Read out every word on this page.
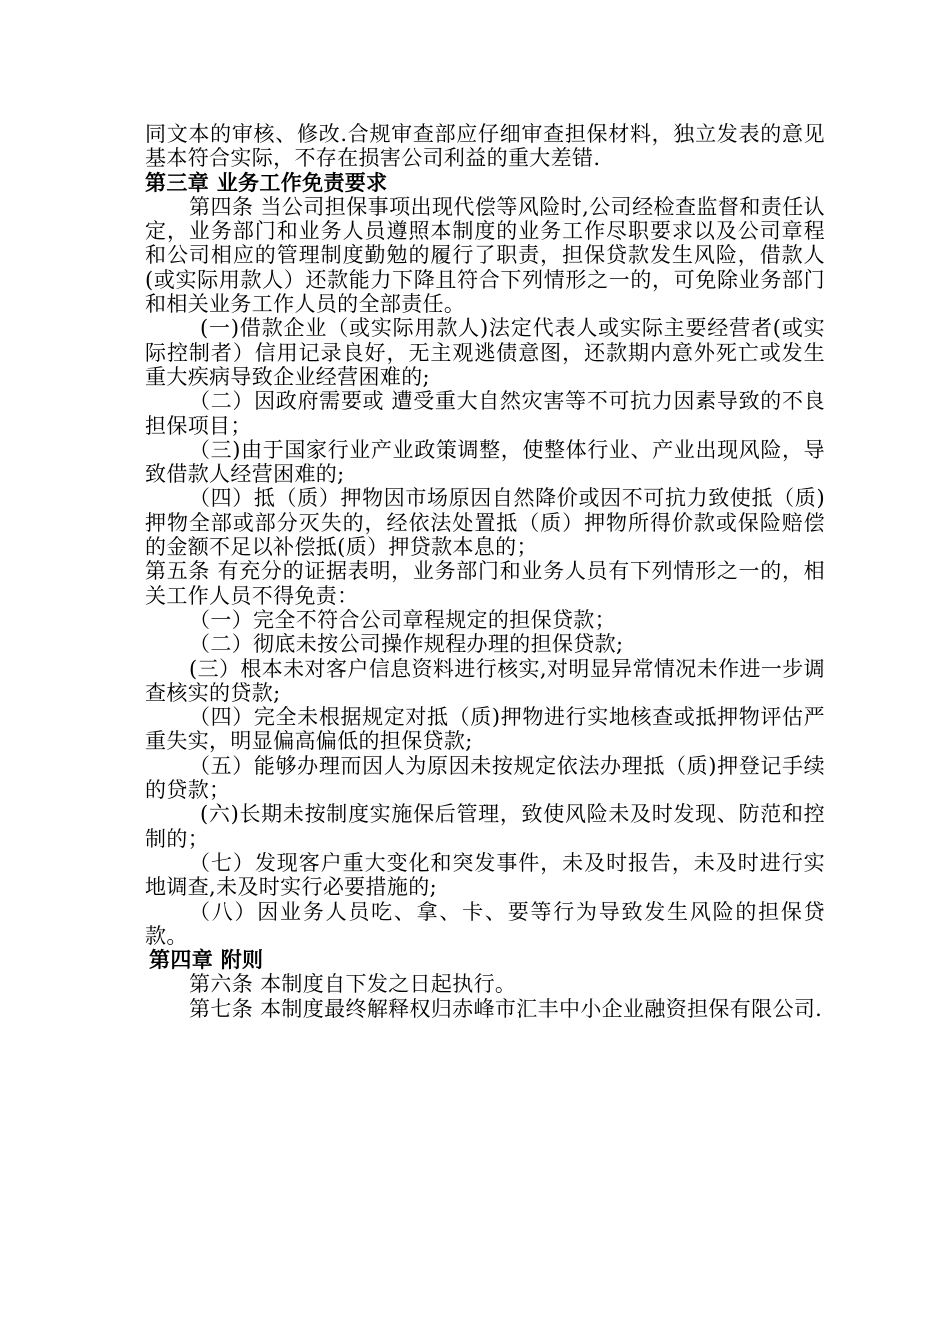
同文本的审核、修改.合规审查部应仔细审查担保材料，独立发表的意见基本符合实际，不存在损害公司利益的重大差错.

第三章 业务工作免责要求

第四条 当公司担保事项出现代偿等风险时,公司经检查监督和责任认定，业务部门和业务人员遵照本制度的业务工作尽职要求以及公司章程和公司相应的管理制度勤勉的履行了职责，担保贷款发生风险，借款人(或实际用款人）还款能力下降且符合下列情形之一的，可免除业务部门和相关业务工作人员的全部责任。

(一)借款企业（或实际用款人)法定代表人或实际主要经营者(或实际控制者）信用记录良好，无主观逃债意图，还款期内意外死亡或发生重大疾病导致企业经营困难的;

（二）因政府需要或 遭受重大自然灾害等不可抗力因素导致的不良担保项目；

（三)由于国家行业产业政策调整，使整体行业、产业出现风险，导致借款人经营困难的;

（四）抵（质）押物因市场原因自然降价或因不可抗力致使抵（质)押物全部或部分灭失的，经依法处置抵（质）押物所得价款或保险赔偿的金额不足以补偿抵(质）押贷款本息的；

第五条 有充分的证据表明，业务部门和业务人员有下列情形之一的，相关工作人员不得免责：

（一）完全不符合公司章程规定的担保贷款；

（二）彻底未按公司操作规程办理的担保贷款;

(三）根本未对客户信息资料进行核实,对明显异常情况未作进一步调查核实的贷款;

（四）完全未根据规定对抵（质)押物进行实地核查或抵押物评估严重失实，明显偏高偏低的担保贷款;

（五）能够办理而因人为原因未按规定依法办理抵（质)押登记手续的贷款；

(六)长期未按制度实施保后管理，致使风险未及时发现、防范和控制的；

（七）发现客户重大变化和突发事件，未及时报告，未及时进行实地调查,未及时实行必要措施的;

（八）因业务人员吃、拿、卡、要等行为导致发生风险的担保贷款。

第四章 附则

第六条 本制度自下发之日起执行。

第七条 本制度最终解释权归赤峰市汇丰中小企业融资担保有限公司.
